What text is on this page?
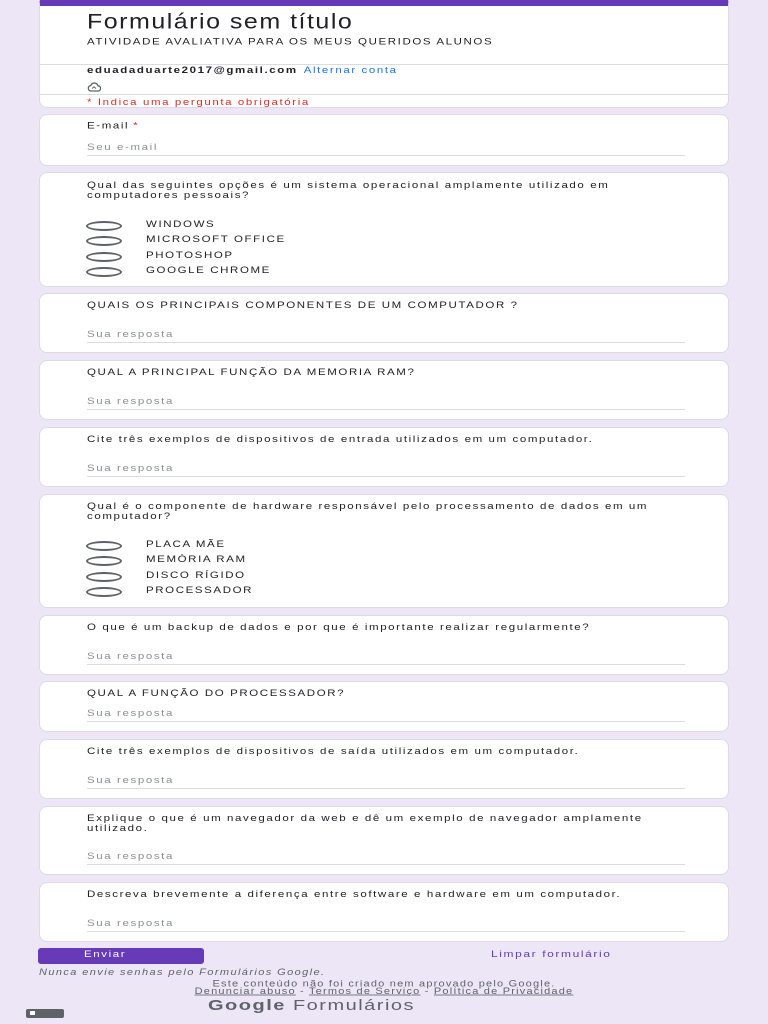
Formulário sem título
ATIVIDADE AVALIATIVA PARA OS MEUS QUERIDOS ALUNOS
eduadaduarte2017@gmail.com Alternar conta
* Indica uma pergunta obrigatória
E-mail *
Seu e-mail
Qual das seguintes opções é um sistema operacional amplamente utilizado em computadores pessoais?
WINDOWS
MICROSOFT OFFICE
PHOTOSHOP
GOOGLE CHROME
QUAIS OS PRINCIPAIS COMPONENTES DE UM COMPUTADOR ?
Sua resposta
QUAL A PRINCIPAL FUNÇÃO DA MEMORIA RAM?
Sua resposta
Cite três exemplos de dispositivos de entrada utilizados em um computador.
Sua resposta
Qual é o componente de hardware responsável pelo processamento de dados em um computador?
PLACA MÃE
MEMÓRIA RAM
DISCO RÍGIDO
PROCESSADOR
O que é um backup de dados e por que é importante realizar regularmente?
Sua resposta
QUAL A FUNÇÃO DO PROCESSADOR?
Sua resposta
Cite três exemplos de dispositivos de saída utilizados em um computador.
Sua resposta
Explique o que é um navegador da web e dê um exemplo de navegador amplamente utilizado.
Sua resposta
Descreva brevemente a diferença entre software e hardware em um computador.
Sua resposta
Enviar	Limpar formulário
Nunca envie senhas pelo Formulários Google.
Este conteúdo não foi criado nem aprovado pelo Google.
Denunciar abuso - Termos de Serviço - Política de Privacidade
Google Formulários
